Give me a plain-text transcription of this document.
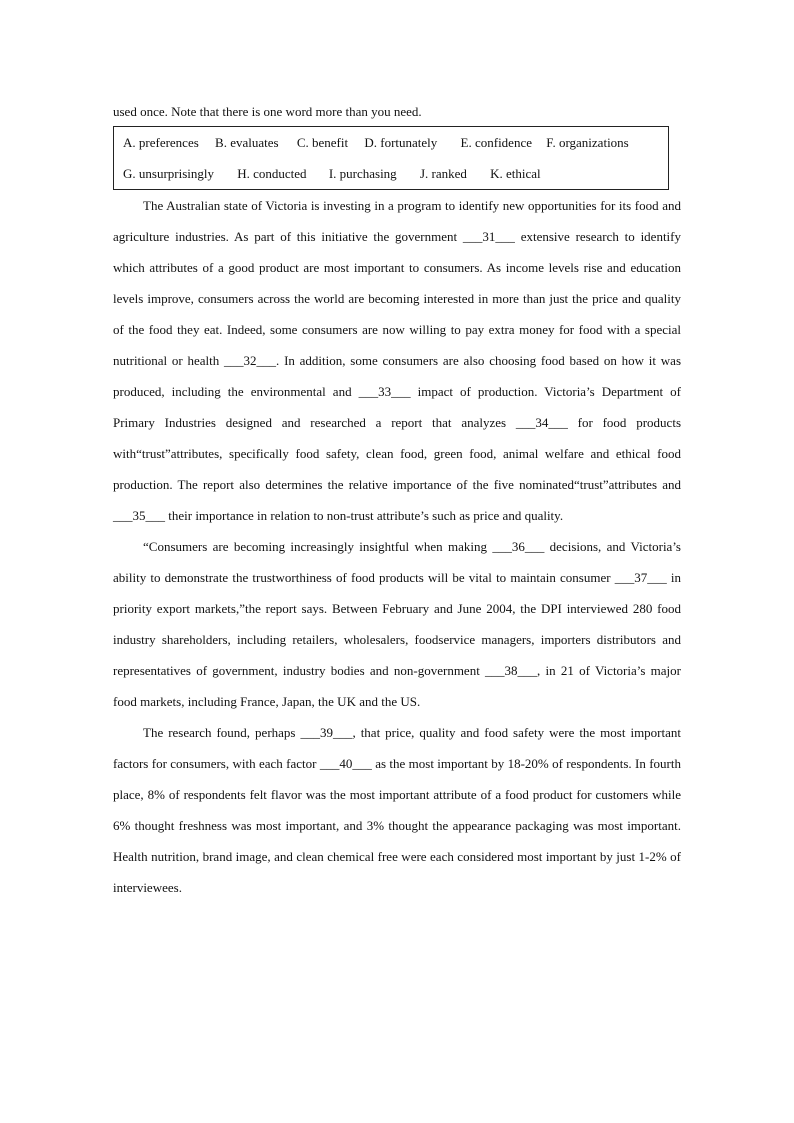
used once. Note that there is one word more than you need.

A. preferences B. evaluates C. benefit D. fortunately E. confidence F. organizations
G. unsurprisingly H. conducted I. purchasing J. ranked K. ethical

The Australian state of Victoria is investing in a program to identify new opportunities for its food and agriculture industries. As part of this initiative the government ___31___ extensive research to identify which attributes of a good product are most important to consumers. As income levels rise and education levels improve, consumers across the world are becoming interested in more than just the price and quality of the food they eat. Indeed, some consumers are now willing to pay extra money for food with a special nutritional or health ___32___. In addition, some consumers are also choosing food based on how it was produced, including the environmental and ___33___ impact of production. Victoria’s Department of Primary Industries designed and researched a report that analyzes ___34___ for food products with“trust”attributes, specifically food safety, clean food, green food, animal welfare and ethical food production. The report also determines the relative importance of the five nominated“trust”attributes and ___35___ their importance in relation to non-trust attribute’s such as price and quality.

“Consumers are becoming increasingly insightful when making ___36___ decisions, and Victoria’s ability to demonstrate the trustworthiness of food products will be vital to maintain consumer ___37___ in priority export markets,”the report says. Between February and June 2004, the DPI interviewed 280 food industry shareholders, including retailers, wholesalers, foodservice managers, importers distributors and representatives of government, industry bodies and non-government ___38___, in 21 of Victoria’s major food markets, including France, Japan, the UK and the US.

The research found, perhaps ___39___, that price, quality and food safety were the most important factors for consumers, with each factor ___40___ as the most important by 18-20% of respondents. In fourth place, 8% of respondents felt flavor was the most important attribute of a food product for customers while 6% thought freshness was most important, and 3% thought the appearance packaging was most important. Health nutrition, brand image, and clean chemical free were each considered most important by just 1-2% of interviewees.
